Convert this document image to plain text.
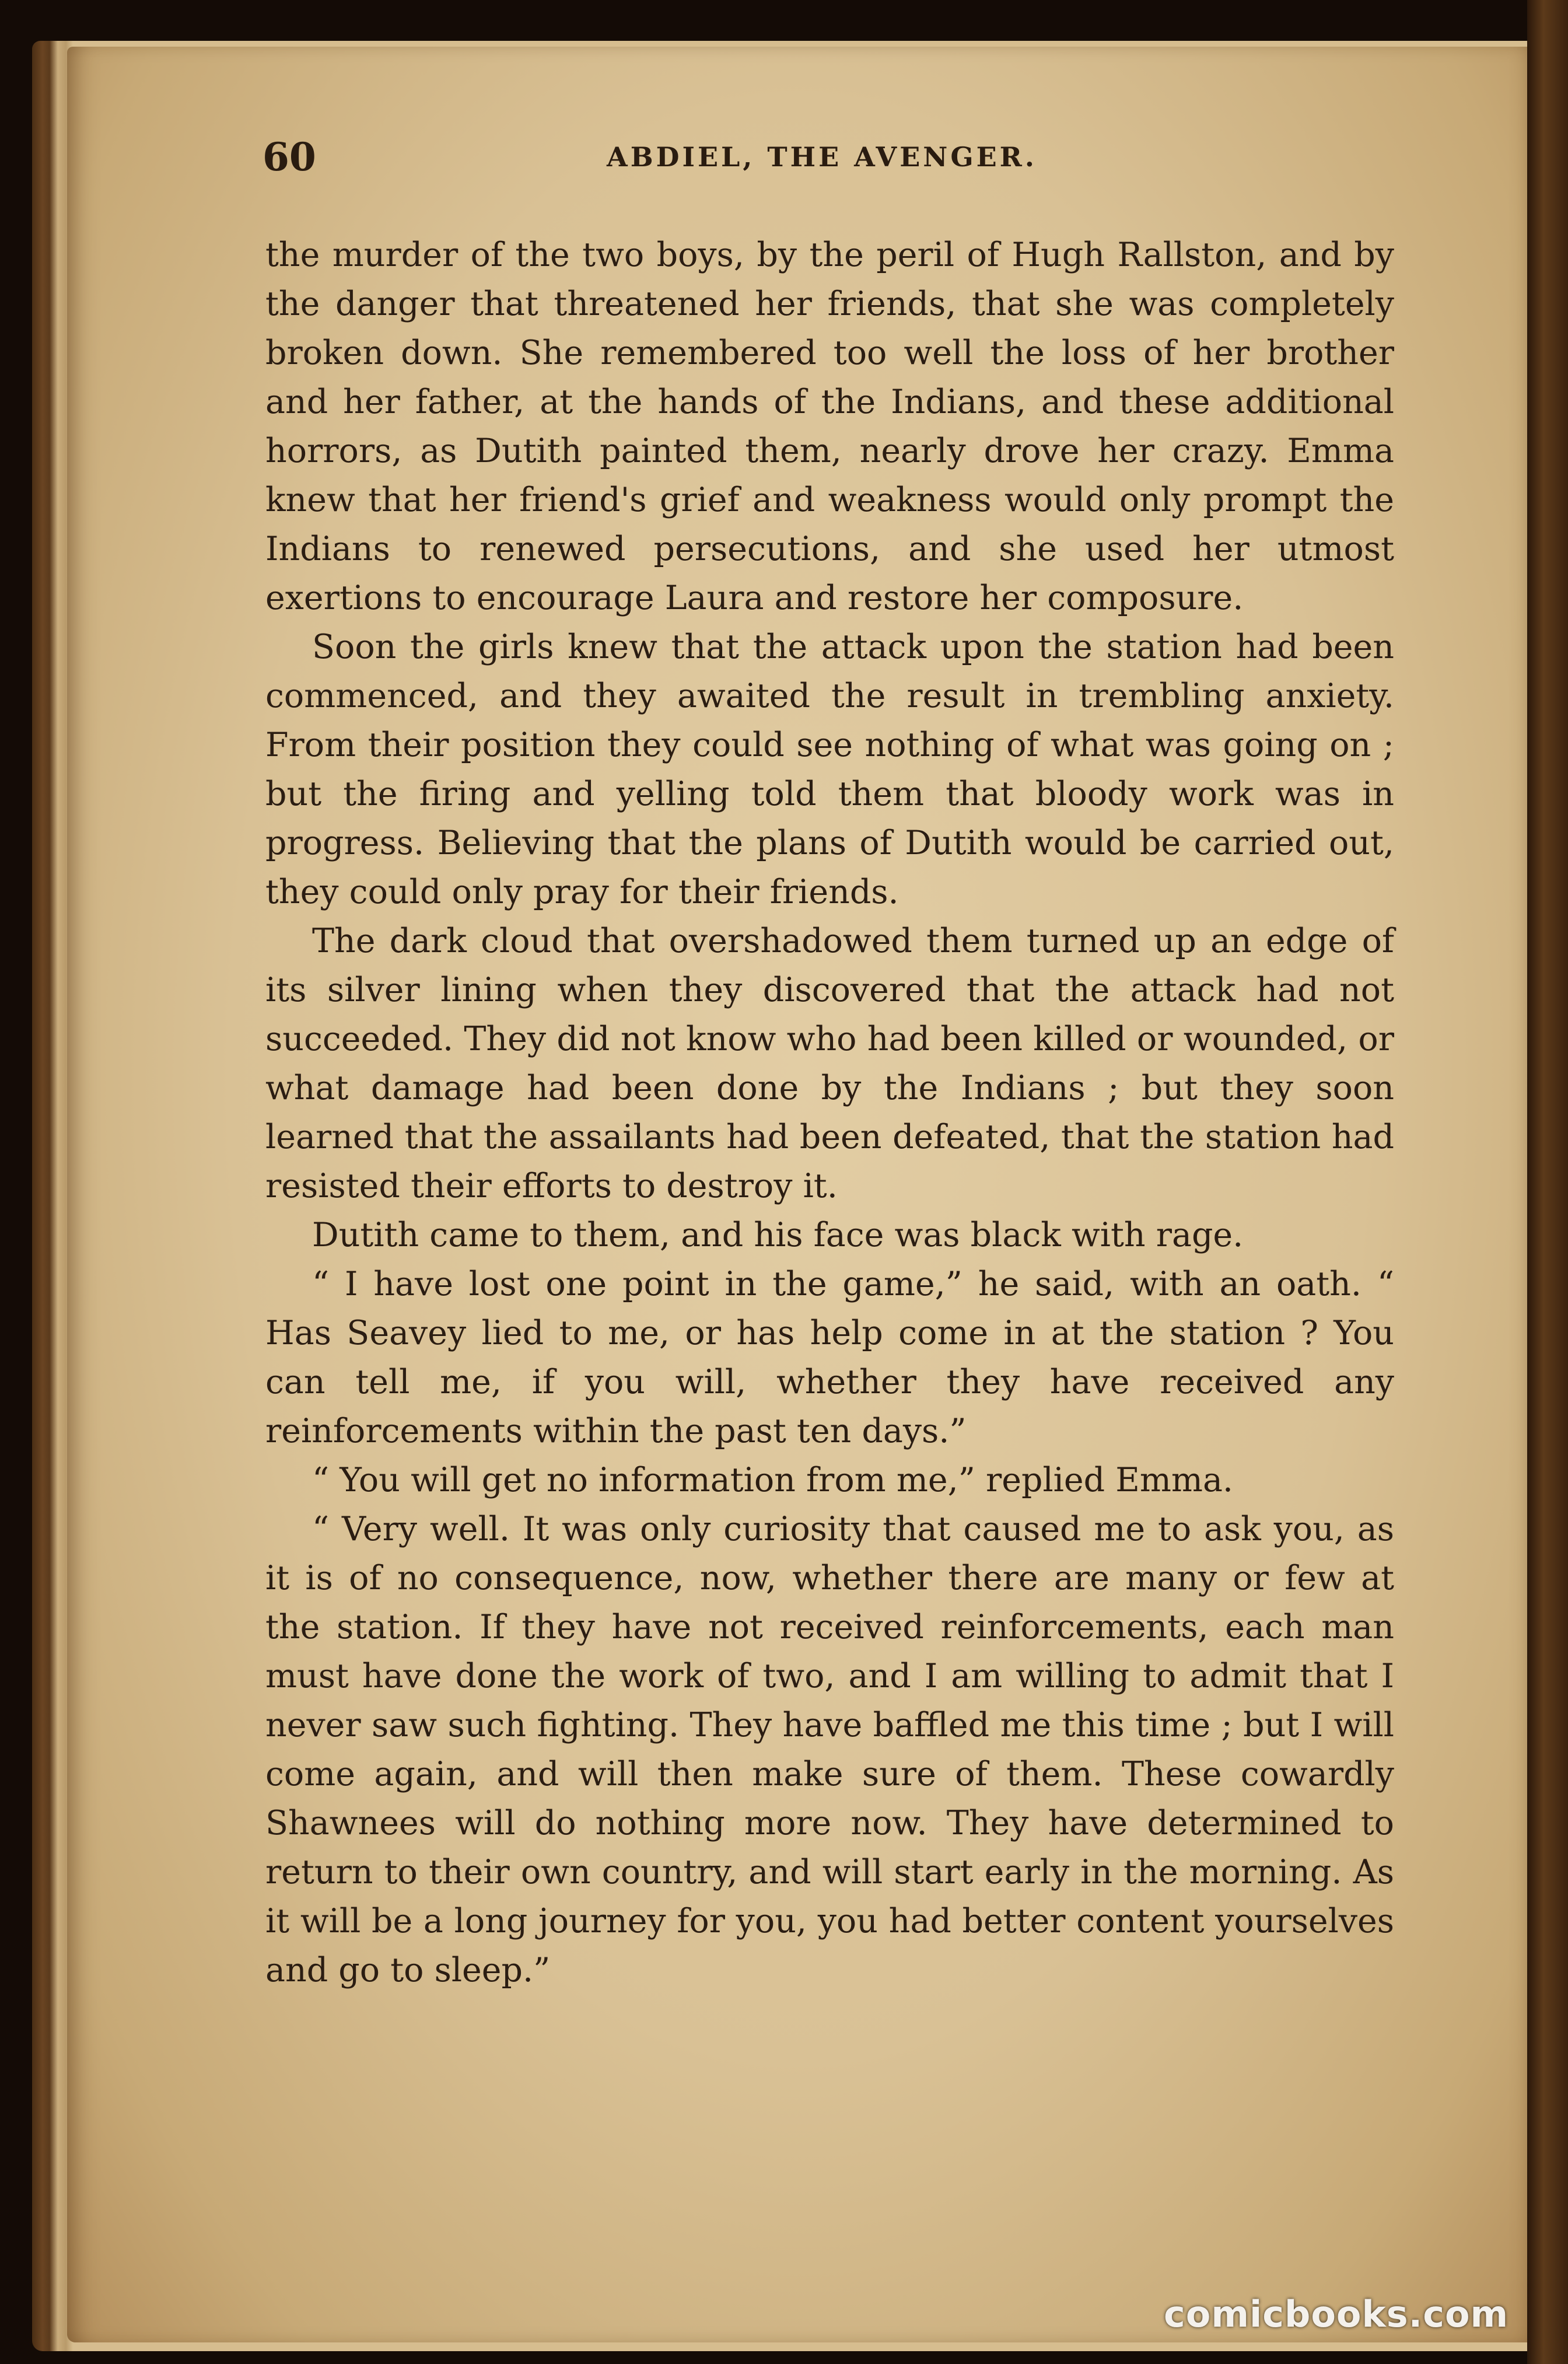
60	ABDIEL, THE AVENGER.

the murder of the two boys, by the peril of Hugh Rallston, and by the danger that threatened her friends, that she was completely broken down. She remembered too well the loss of her brother and her father, at the hands of the Indians, and these additional horrors, as Dutith painted them, nearly drove her crazy. Emma knew that her friend's grief and weakness would only prompt the Indians to renewed persecutions, and she used her utmost exertions to encourage Laura and restore her composure.

Soon the girls knew that the attack upon the station had been commenced, and they awaited the result in trembling anxiety. From their position they could see nothing of what was going on ; but the firing and yelling told them that bloody work was in progress. Believing that the plans of Dutith would be carried out, they could only pray for their friends.

The dark cloud that overshadowed them turned up an edge of its silver lining when they discovered that the attack had not succeeded. They did not know who had been killed or wounded, or what damage had been done by the Indians ; but they soon learned that the assailants had been defeated, that the station had resisted their efforts to destroy it.

Dutith came to them, and his face was black with rage.

“ I have lost one point in the game,” he said, with an oath. “ Has Seavey lied to me, or has help come in at the station ? You can tell me, if you will, whether they have received any reinforcements within the past ten days.”

“ You will get no information from me,” replied Emma.

“ Very well. It was only curiosity that caused me to ask you, as it is of no consequence, now, whether there are many or few at the station. If they have not received reinforcements, each man must have done the work of two, and I am willing to admit that I never saw such fighting. They have baffled me this time ; but I will come again, and will then make sure of them. These cowardly Shawnees will do nothing more now. They have determined to return to their own country, and will start early in the morning. As it will be a long journey for you, you had better content yourselves and go to sleep.”

comicbooks.com
